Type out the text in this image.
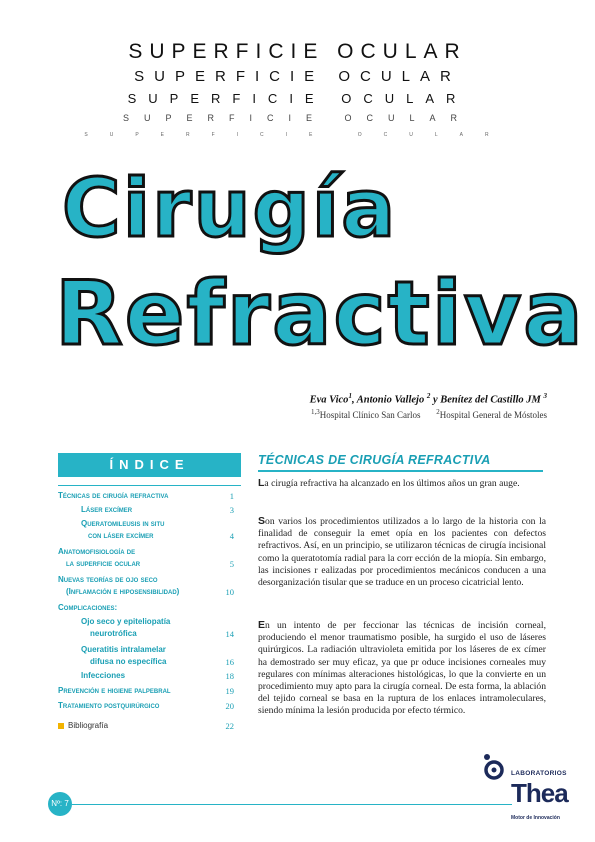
SUPERFICIE OCULAR
SUPERFICIE OCULAR
SUPERFICIE OCULAR
SUPERFICIE OCULAR
SUPERFICIE OCULAR
Cirugía
Refractiva
Eva Vico$^1$, Antonio Vallejo $^2$ y Benítez del Castillo JM $^3$
$^{1,3}$Hospital Clínico San Carlos $^2$Hospital General de Móstoles
ÍNDICE
Técnicas de cirugía refractiva	1
Láser excímer	3
Queratomileusis in situ
con láser excímer	4
Anatomofisiología de
la superficie ocular	5
Nuevas teorías de ojo seco
(Inflamación e hiposensibilidad)	10
Complicaciones:
Ojo seco y epiteliopatía
neurotrófica	14
Queratitis intralamelar
difusa no específica	16
Infecciones	18
Prevención e higiene palpebral	19
Tratamiento postquirúrgico	20
Bibliografía	22
TÉCNICAS DE CIRUGÍA REFRACTIVA
La cirugía refractiva ha alcanzado en los últimos años un gran auge.
Son varios los procedimientos utilizados a lo largo de la historia con la finalidad de conseguir la emet opía en los pacientes con defectos refractivos. Así, en un principio, se utilizaron técnicas de cirugía incisional como la queratotomía radial para la corr ección de la miopía. Sin embargo, las incisiones r ealizadas por procedimientos mecánicos conducen a una desorganización tisular que se traduce en un proceso cicatricial lento.
En un intento de per feccionar las técnicas de incisión corneal, produciendo el menor traumatismo posible, ha surgido el uso de láseres quirúrgicos. La radiación ultravioleta emitida por los láseres de ex címer ha demostrado ser muy eficaz, ya que pr oduce incisiones corneales muy regulares con mínimas alteraciones histológicas, lo que la convierte en un procedimiento muy apto para la cirugía corneal. De esta forma, la ablación del tejido corneal se basa en la ruptura de los enlaces intramoleculares, siendo mínima la lesión producida por efecto térmico.
Nº: 7
LABORATORIOS
Thea
Motor de Innovación
